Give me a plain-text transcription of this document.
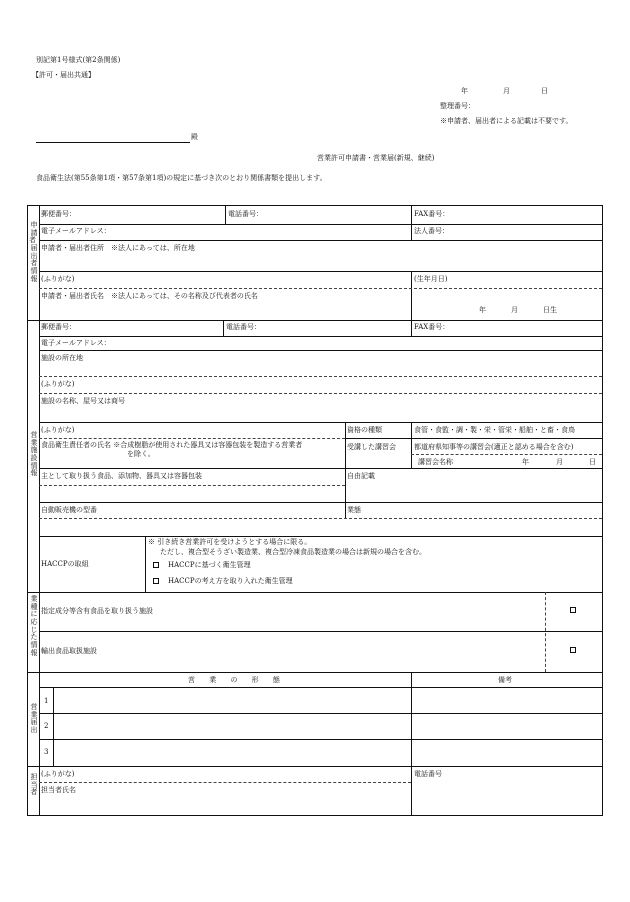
別記第1号様式(第2条関係)
【許可・届出共通】
年	月	日
整理番号：
※申請者、届出者による記載は不要です。
殿
営業許可申請書・営業届(新規、継続)
食品衛生法(第55条第1項・第57条第1項)の規定に基づき次のとおり関係書類を提出します。
申請者・届出者情報
営業施設情報
業種に応じた情報
営業届出
担当者
郵便番号：	電話番号：	FAX番号：
電子メールアドレス：	法人番号：
申請者・届出者住所　※法人にあっては、所在地
(ふりがな)	(生年月日)
申請者・届出者氏名　※法人にあっては、その名称及び代表者の氏名
年	月	日生
郵便番号：	電話番号：	FAX番号：
電子メールアドレス：
施設の所在地
(ふりがな)
施設の名称、屋号又は商号
(ふりがな)	資格の種類	食管・食監・調・製・栄・管栄・船舶・と畜・食鳥
食品衛生責任者の氏名 ※合成樹脂が使用された器具又は容器包装を製造する営業者
を除く。
受講した講習会	都道府県知事等の講習会(適正と認める場合を含む)
講習会名称	年	月	日
主として取り扱う食品、添加物、器具又は容器包装	自由記載
自動販売機の型番	業態
HACCPの取組
※ 引き続き営業許可を受けようとする場合に限る。
ただし、複合型そうざい製造業、複合型冷凍食品製造業の場合は新規の場合を含む。
HACCPに基づく衛生管理
HACCPの考え方を取り入れた衛生管理
指定成分等含有食品を取り扱う施設
輸出食品取扱施設
営 業 の 形 態	備考
1
2
3
(ふりがな)	電話番号
担当者氏名
